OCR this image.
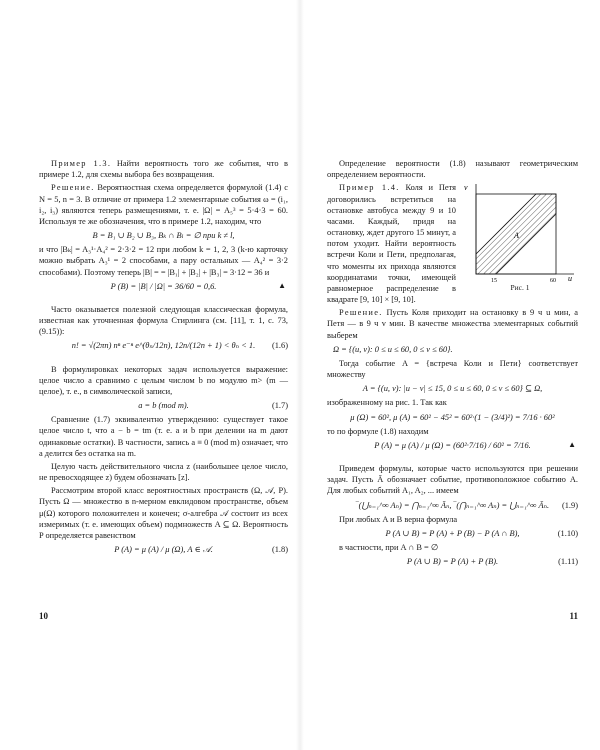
Пример 1.3. Найти вероятность того же события, что в примере 1.2, для схемы выбора без возвращения.

Решение. Вероятностная схема определяется формулой (1.4) с N = 5, n = 3. В отличие от примера 1.2 элементарные события ω = (i₁, i₂, i₃) являются теперь размещениями, т. е. |Ω| = A₅³ = 5·4·3 = 60. Используя те же обозначения, что в примере 1.2, находим, что

B = B₁ ∪ B₂ ∪ B₃, Bₖ ∩ Bₗ = ∅ при k ≠ l,

и что |Bₖ| = A₃¹·A₄² = 2·3·2 = 12 при любом k = 1, 2, 3 (k-ю карточку можно выбрать A₃¹ = 2 способами, а пару остальных — A₄² = 3·2 способами). Поэтому теперь |B| = = |B₁| + |B₂| + |B₃| = 3·12 = 36 и

P (B) = |B| / |Ω| = 36/60 = 0,6.	▲

Часто оказывается полезной следующая классическая формула, известная как уточненная формула Стирлинга (см. [11], т. 1, с. 73, (9.15)):

n! = √(2πn) nⁿ e⁻ⁿ e^(θₙ/12n), 12n/(12n + 1) < θₙ < 1. (1.6)

В формулировках некоторых задач используется выражение: целое число a сравнимо с целым числом b по модулю m> (m — целое), т. е., в символической записи,

a = b (mod m).	(1.7)

Сравнение (1.7) эквивалентно утверждению: существует такое целое число t, что a − b = tm (т. е. a и b при делении на m дают одинаковые остатки). В частности, запись a ≡ 0 (mod m) означает, что a делится без остатка на m.

Целую часть действительного числа z (наибольшее целое число, не превосходящее z) будем обозначать [z].

Рассмотрим второй класс вероятностных пространств (Ω, 𝒜, P). Пусть Ω — множество в n-мерном евклидовом пространстве, объем μ(Ω) которого положителен и конечен; σ-алгебра 𝒜 состоит из всех измеримых (т. е. имеющих объем) подмножеств A ⊆ Ω. Вероятность P определяется равенством

P (A) = μ (A) / μ (Ω), A ∈ 𝒜.	(1.8)
10

Определение вероятности (1.8) называют геометрическим определением вероятности.

A
v
u
15	60
Рис. 1

Пример 1.4. Коля и Петя договорились встретиться на остановке автобуса между 9 и 10 часами. Каждый, придя на остановку, ждет другого 15 минут, а потом уходит. Найти вероятность встречи Коли и Пети, предполагая, что моменты их прихода являются координатами точки, имеющей равномерное распределение в квадрате [9, 10] × [9, 10].

Решение. Пусть Коля приходит на остановку в 9 ч u мин, а Петя — в 9 ч v мин. В качестве множества элементарных событий выберем

Ω = {(u, v): 0 ≤ u ≤ 60, 0 ≤ v ≤ 60}.

Тогда событие A = {встреча Коли и Пети} соответствует множеству

A = {(u, v): |u − v| ≤ 15, 0 ≤ u ≤ 60, 0 ≤ v ≤ 60} ⊆ Ω,

изображенному на рис. 1. Так как

μ (Ω) = 60², μ (A) = 60² − 45² = 60²·(1 − (3/4)²) = 7/16 · 60²

то по формуле (1.8) находим

P (A) = μ (A) / μ (Ω) = (60²·7/16) / 60² = 7/16.	▲

Приведем формулы, которые часто используются при решении задач. Пусть Ā обозначает событие, противоположное событию A. Для любых событий A₁, A₂, ... имеем

‾(⋃ₙ₌₁^∞ Aₙ) = ⋂ₙ₌₁^∞ Āₙ, ‾(⋂ₙ₌₁^∞ Aₙ) = ⋃ₙ₌₁^∞ Āₙ. (1.9)

При любых A и B верна формула

P (A ∪ B) = P (A) + P (B) − P (A ∩ B),	(1.10)

в частности, при A ∩ B = ∅

P (A ∪ B) = P (A) + P (B).	(1.11)
11
